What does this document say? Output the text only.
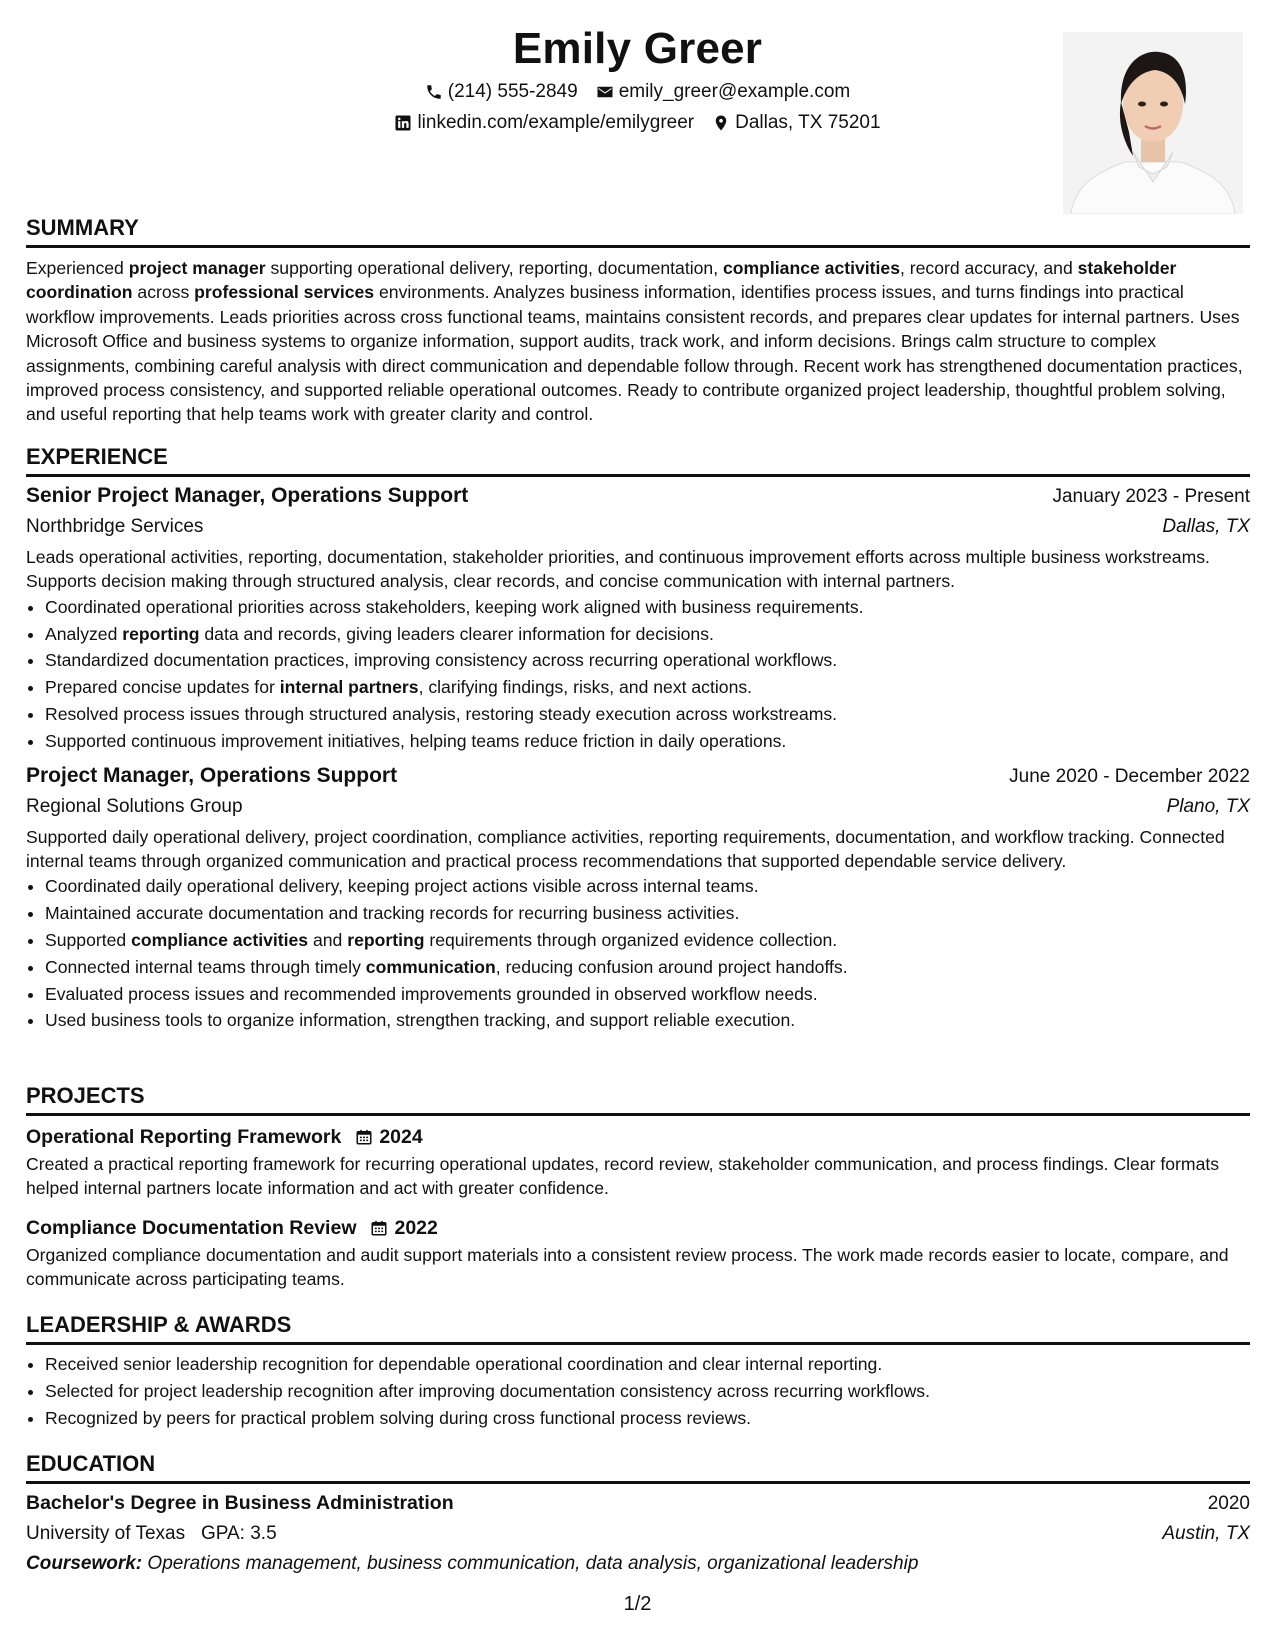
Emily Greer
(214) 555-2849 emily_greer@example.com
linkedin.com/example/emilygreer Dallas, TX 75201
SUMMARY

Experienced project manager supporting operational delivery, reporting, documentation, compliance activities, record accuracy, and stakeholder coordination across professional services environments. Analyzes business information, identifies process issues, and turns findings into practical workflow improvements. Leads priorities across cross functional teams, maintains consistent records, and prepares clear updates for internal partners. Uses Microsoft Office and business systems to organize information, support audits, track work, and inform decisions. Brings calm structure to complex assignments, combining careful analysis with direct communication and dependable follow through. Recent work has strengthened documentation practices, improved process consistency, and supported reliable operational outcomes. Ready to contribute organized project leadership, thoughtful problem solving, and useful reporting that help teams work with greater clarity and control.

EXPERIENCE
Senior Project Manager, Operations Support	January 2023 - Present
Northbridge Services	Dallas, TX

Leads operational activities, reporting, documentation, stakeholder priorities, and continuous improvement efforts across multiple business workstreams. Supports decision making through structured analysis, clear records, and concise communication with internal partners.

• Coordinated operational priorities across stakeholders, keeping work aligned with business requirements.
• Analyzed reporting data and records, giving leaders clearer information for decisions.
• Standardized documentation practices, improving consistency across recurring operational workflows.
• Prepared concise updates for internal partners, clarifying findings, risks, and next actions.
• Resolved process issues through structured analysis, restoring steady execution across workstreams.
• Supported continuous improvement initiatives, helping teams reduce friction in daily operations.
Project Manager, Operations Support	June 2020 - December 2022
Regional Solutions Group	Plano, TX

Supported daily operational delivery, project coordination, compliance activities, reporting requirements, documentation, and workflow tracking. Connected internal teams through organized communication and practical process recommendations that supported dependable service delivery.

• Coordinated daily operational delivery, keeping project actions visible across internal teams.
• Maintained accurate documentation and tracking records for recurring business activities.
• Supported compliance activities and reporting requirements through organized evidence collection.
• Connected internal teams through timely communication, reducing confusion around project handoffs.
• Evaluated process issues and recommended improvements grounded in observed workflow needs.
• Used business tools to organize information, strengthen tracking, and support reliable execution.
PROJECTS
Operational Reporting Framework 2024

Created a practical reporting framework for recurring operational updates, record review, stakeholder communication, and process findings. Clear formats helped internal partners locate information and act with greater confidence.

Compliance Documentation Review 2022

Organized compliance documentation and audit support materials into a consistent review process. The work made records easier to locate, compare, and communicate across participating teams.

LEADERSHIP & AWARDS
• Received senior leadership recognition for dependable operational coordination and clear internal reporting.
• Selected for project leadership recognition after improving documentation consistency across recurring workflows.
• Recognized by peers for practical problem solving during cross functional process reviews.
EDUCATION
Bachelor's Degree in Business Administration	2020
University of Texas GPA: 3.5	Austin, TX
Coursework: Operations management, business communication, data analysis, organizational leadership
1/2
